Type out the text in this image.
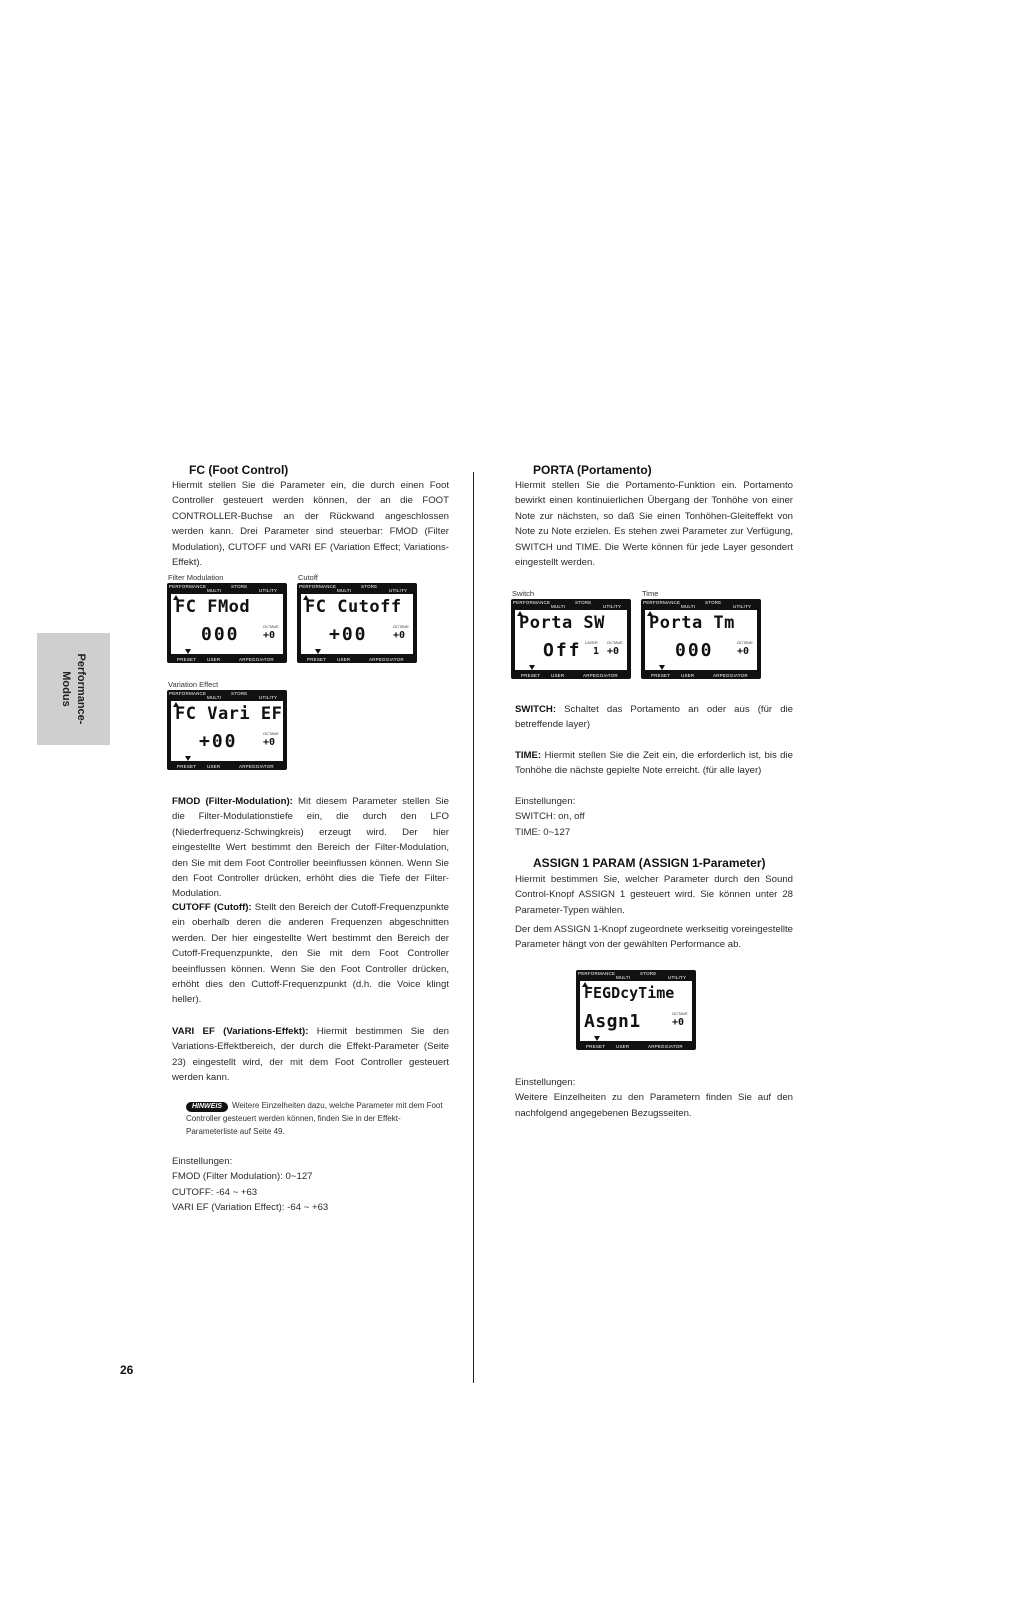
Performance-
Modus
FC (Foot Control)
Hiermit stellen Sie die Parameter ein, die durch einen Foot Controller gesteuert werden können, der an die FOOT CONTROLLER-Buchse an der Rückwand angeschlossen werden kann. Drei Parameter sind steuerbar: FMOD (Filter Modulation), CUTOFF und VARI EF (Variation Effect; Variations-Effekt).
Filter Modulation	Cutoff
PERFORMANCE
MULTI
STORE
UTILITY
FC FMod
000	OCTAVE
+0
PRESET USER	ARPEGGIATOR
PERFORMANCE
MULTI
STORE
UTILITY
FC Cutoff
+00	OCTAVE
+0
PRESET USER	ARPEGGIATOR
Variation Effect
PERFORMANCE
MULTI
STORE
UTILITY
FC Vari EF
+00	OCTAVE
+0
PRESET USER	ARPEGGIATOR
FMOD (Filter-Modulation): Mit diesem Parameter stellen Sie die Filter-Modulationstiefe ein, die durch den LFO (Niederfrequenz-Schwingkreis) erzeugt wird. Der hier eingestellte Wert bestimmt den Bereich der Filter-Modulation, den Sie mit dem Foot Controller beeinflussen können. Wenn Sie den Foot Controller drücken, erhöht dies die Tiefe der Filter-Modulation.
CUTOFF (Cutoff): Stellt den Bereich der Cutoff-Frequenzpunkte ein oberhalb deren die anderen Frequenzen abgeschnitten werden. Der hier eingestellte Wert bestimmt den Bereich der Cutoff-Frequenzpunkte, den Sie mit dem Foot Controller beeinflussen können. Wenn Sie den Foot Controller drücken, erhöht dies den Cuttoff-Frequenzpunkt (d.h. die Voice klingt heller).
VARI EF (Variations-Effekt): Hiermit bestimmen Sie den Variations-Effektbereich, der durch die Effekt-Parameter (Seite 23) eingestellt wird, der mit dem Foot Controller gesteuert werden kann.
HINWEIS Weitere Einzelheiten dazu, welche Parameter mit dem Foot Controller gesteuert werden können, finden Sie in der Effekt-Parameterliste auf Seite 49.
Einstellungen:
FMOD (Filter Modulation): 0~127
CUTOFF: -64 ~ +63
VARI EF (Variation Effect): -64 ~ +63
26
PORTA (Portamento)
Hiermit stellen Sie die Portamento-Funktion ein. Portamento bewirkt einen kontinuierlichen Übergang der Tonhöhe von einer Note zur nächsten, so daß Sie einen Tonhöhen-Gleiteffekt von Note zu Note erzielen. Es stehen zwei Parameter zur Verfügung, SWITCH und TIME. Die Werte können für jede Layer gesondert eingestellt werden.
Switch	Time
PERFORMANCE
MULTI
STORE
UTILITY
Porta SW
Off LAYER
1
OCTAVE
+0
PRESET USER	ARPEGGIATOR
PERFORMANCE
MULTI
STORE
UTILITY
Porta Tm
000	OCTAVE
+0
PRESET USER	ARPEGGIATOR
SWITCH: Schaltet das Portamento an oder aus (für die betreffende layer)
TIME: Hiermit stellen Sie die Zeit ein, die erforderlich ist, bis die Tonhöhe die nächste gepielte Note erreicht. (für alle layer)
Einstellungen:
SWITCH: on, off
TIME: 0~127
ASSIGN 1 PARAM (ASSIGN 1-Parameter)
Hiermit bestimmen Sie, welcher Parameter durch den Sound Control-Knopf ASSIGN 1 gesteuert wird. Sie können unter 28 Parameter-Typen wählen.
Der dem ASSIGN 1-Knopf zugeordnete werkseitig voreingestellte Parameter hängt von der gewählten Performance ab.
PERFORMANCE
MULTI
STORE
UTILITY
FEGDcyTime
Asgn1	OCTAVE
+0
PRESET USER	ARPEGGIATOR
Einstellungen:
Weitere Einzelheiten zu den Parametern finden Sie auf den nachfolgend angegebenen Bezugsseiten.
